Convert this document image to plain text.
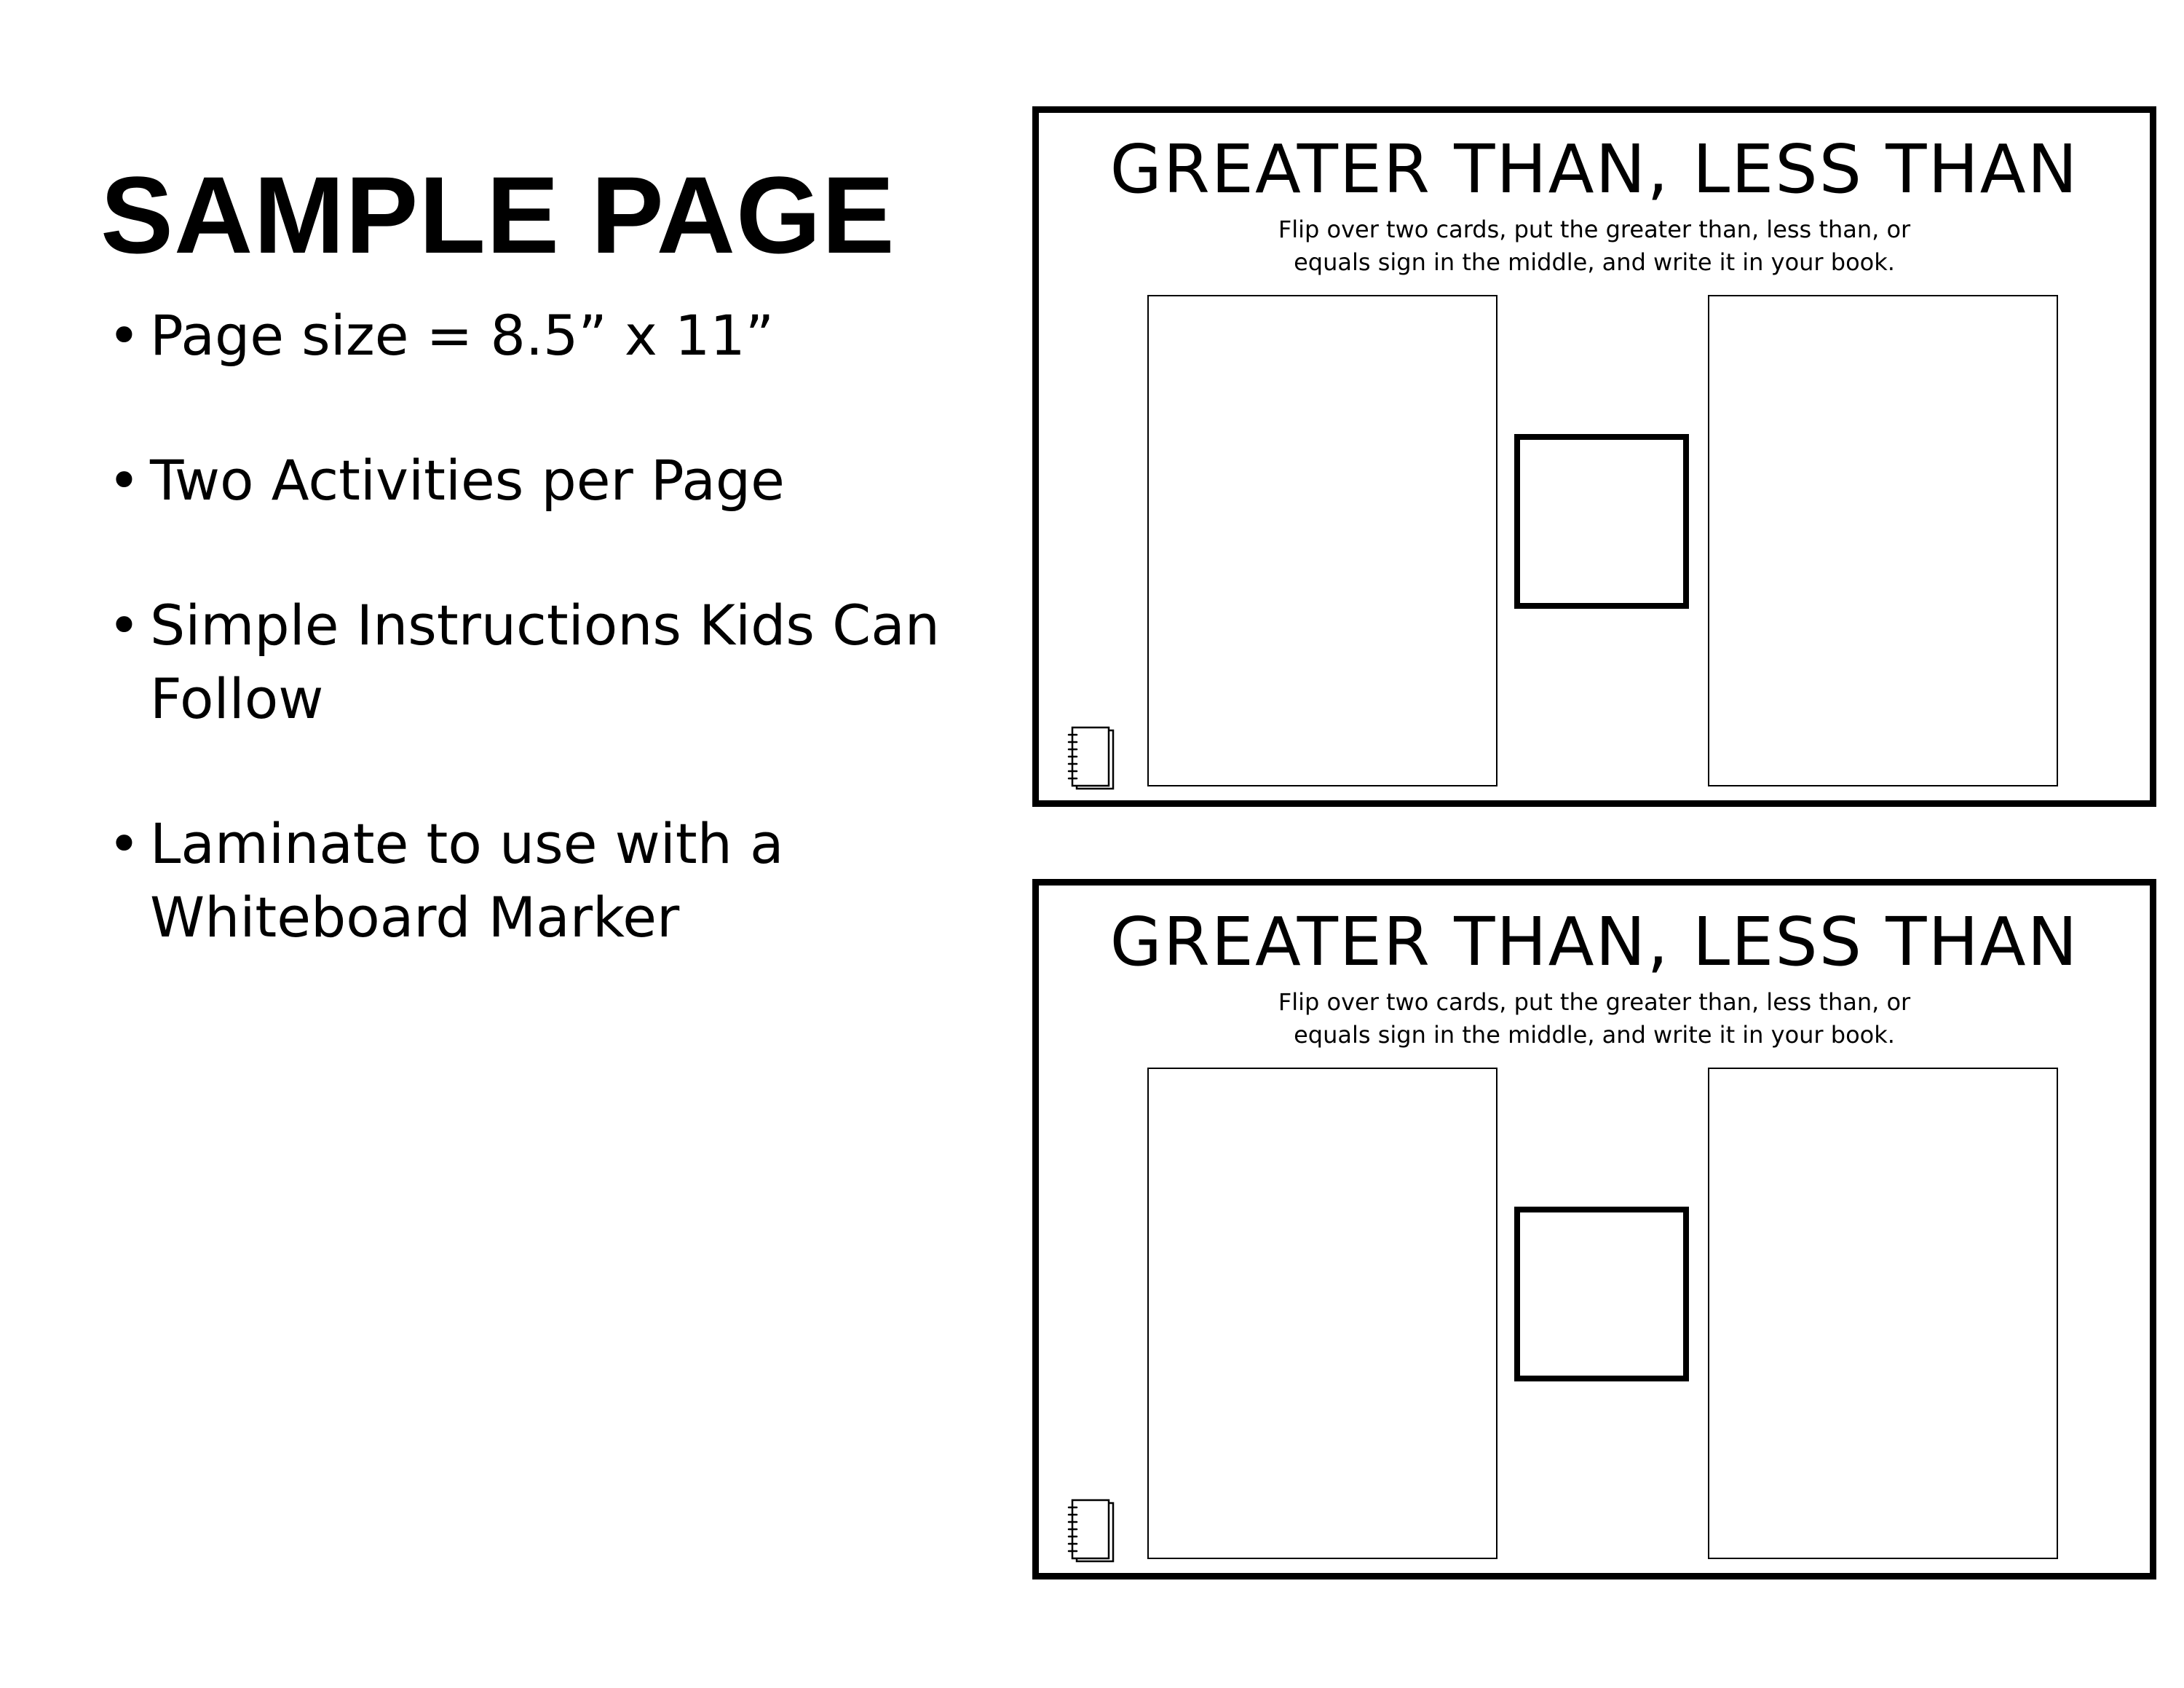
SAMPLE PAGE
• Page size = 8.5” x 11”
• Two Activities per Page
• Simple Instructions Kids Can Follow
• Laminate to use with a Whiteboard Marker
GREATER THAN, LESS THAN
Flip over two cards, put the greater than, less than, or
equals sign in the middle, and write it in your book.
GREATER THAN, LESS THAN
Flip over two cards, put the greater than, less than, or
equals sign in the middle, and write it in your book.
